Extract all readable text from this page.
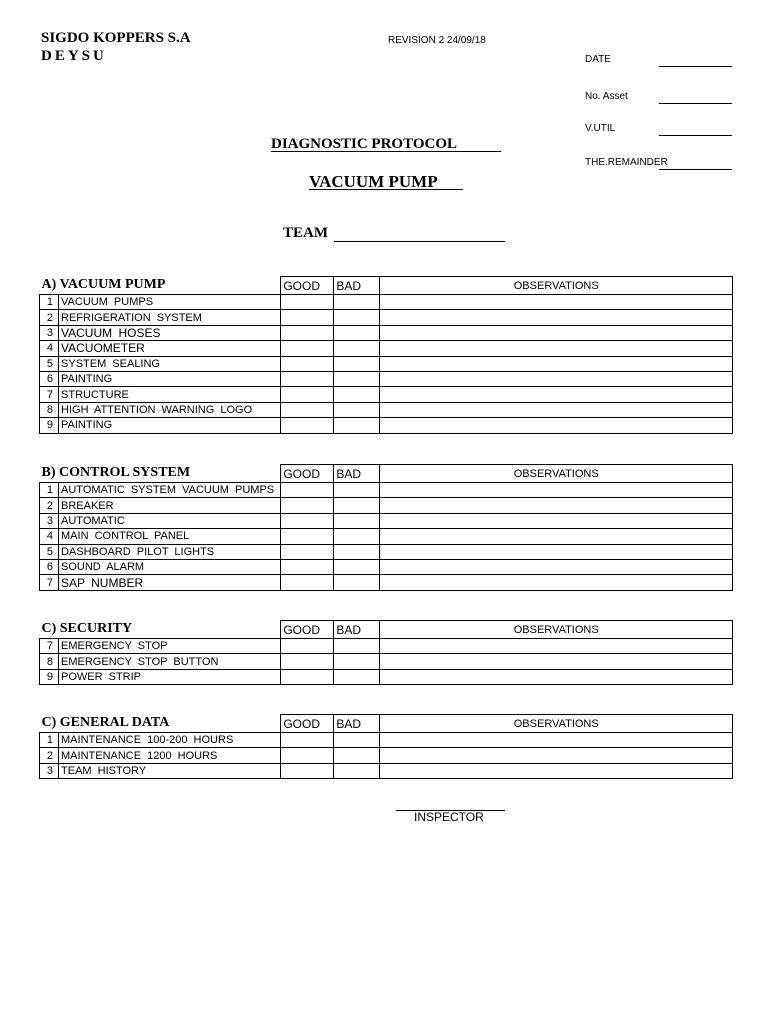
SIGDO KOPPERS S.A
DEYSU
REVISION 2 24/09/18
DATE
No. Asset
V.UTIL
THE.REMAINDER
DIAGNOSTIC PROTOCOL
VACUUM PUMP
TEAM
A) VACUUM PUMP		GOOD	BAD	OBSERVATIONS
1	VACUUM PUMPS			
2	REFRIGERATION SYSTEM			
3	VACUUM HOSES			
4	VACUOMETER			
5	SYSTEM SEALING			
6	PAINTING			
7	STRUCTURE			
8	HIGH ATTENTION WARNING LOGO			
9	PAINTING			
B) CONTROL SYSTEM		GOOD	BAD	OBSERVATIONS
1	AUTOMATIC SYSTEM VACUUM PUMPS			
2	BREAKER			
3	AUTOMATIC			
4	MAIN CONTROL PANEL			
5	DASHBOARD PILOT LIGHTS			
6	SOUND ALARM			
7	SAP NUMBER			
C) SECURITY		GOOD	BAD	OBSERVATIONS
7	EMERGENCY STOP			
8	EMERGENCY STOP BUTTON			
9	POWER STRIP			
C) GENERAL DATA		GOOD	BAD	OBSERVATIONS
1	MAINTENANCE 100-200 HOURS			
2	MAINTENANCE 1200 HOURS			
3	TEAM HISTORY			
INSPECTOR
